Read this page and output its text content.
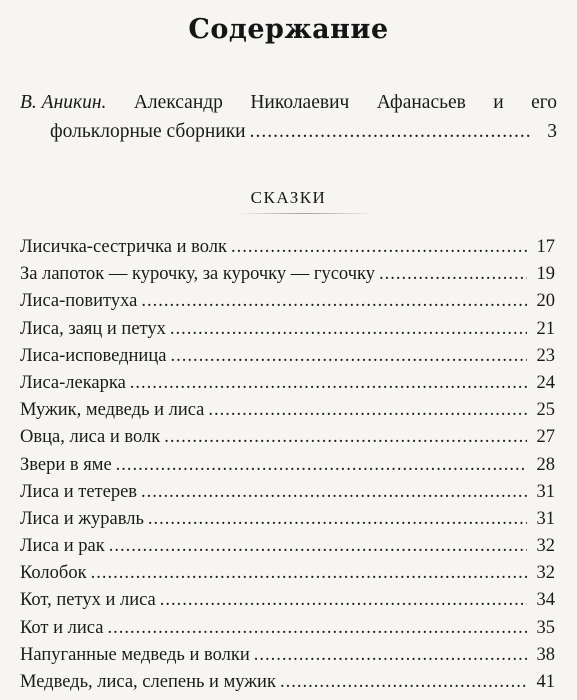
Содержание
В. Аникин. Александр Николаевич Афанасьев и его
фольклорные сборники .....	3
СКАЗКИ
Лисичка-сестричка и волк .....	17
За лапоток — курочку, за курочку — гусочку .....	19
Лиса-повитуха .....	20
Лиса, заяц и петух .....	21
Лиса-исповедница .....	23
Лиса-лекарка .....	24
Мужик, медведь и лиса .....	25
Овца, лиса и волк .....	27
Звери в яме .....	28
Лиса и тетерев .....	31
Лиса и журавль .....	31
Лиса и рак .....	32
Колобок .....	32
Кот, петух и лиса .....	34
Кот и лиса .....	35
Напуганные медведь и волки .....	38
Медведь, лиса, слепень и мужик .....	41
